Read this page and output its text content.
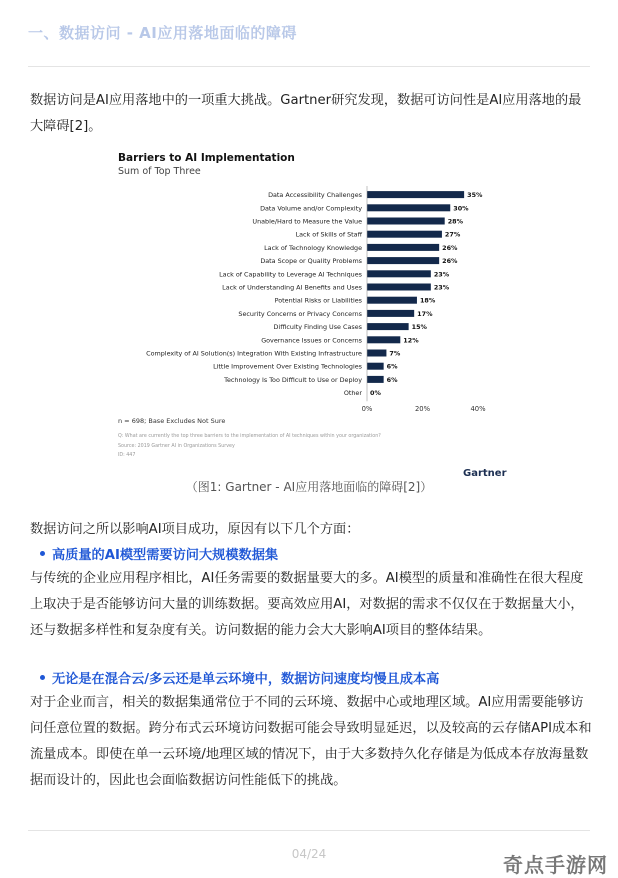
一、数据访问 - AI应用落地面临的障碍
数据访问是AI应用落地中的一项重大挑战。Gartner研究发现，数据可访问性是AI应用落地的最大障碍[2]。
Barriers to AI Implementation
Sum of Top Three
Data Accessibility Challenges	35%
Data Volume and/or Complexity	30%
Unable/Hard to Measure the Value	28%
Lack of Skills of Staff	27%
Lack of Technology Knowledge	26%
Data Scope or Quality Problems	26%
Lack of Capability to Leverage AI Techniques	23%
Lack of Understanding AI Benefits and Uses	23%
Potential Risks or Liabilities	18%
Security Concerns or Privacy Concerns	17%
Difficulty Finding Use Cases	15%
Governance Issues or Concerns	12%
Complexity of AI Solution(s) Integration With Existing Infrastructure	7%
Little Improvement Over Existing Technologies	6%
Technology Is Too Difficult to Use or Deploy	6%
Other 0%
0%	20%	40%
n = 698; Base Excludes Not Sure
Q: What are currently the top three barriers to the implementation of AI techniques within your organization?
Source: 2019 Gartner AI in Organizations Survey
ID: 447
Gartner
（图1: Gartner - AI应用落地面临的障碍[2]）
数据访问之所以影响AI项目成功，原因有以下几个方面：
高质量的AI模型需要访问大规模数据集
与传统的企业应用程序相比，AI任务需要的数据量要大的多。AI模型的质量和准确性在很大程度上取决于是否能够访问大量的训练数据。要高效应用AI，对数据的需求不仅仅在于数据量大小，还与数据多样性和复杂度有关。访问数据的能力会大大影响AI项目的整体结果。
无论是在混合云/多云还是单云环境中，数据访问速度均慢且成本高
对于企业而言，相关的数据集通常位于不同的云环境、数据中心或地理区域。AI应用需要能够访问任意位置的数据。跨分布式云环境访问数据可能会导致明显延迟，以及较高的云存储API成本和流量成本。即使在单一云环境/地理区域的情况下，由于大多数持久化存储是为低成本存放海量数据而设计的，因此也会面临数据访问性能低下的挑战。
04/24	奇点手游网
